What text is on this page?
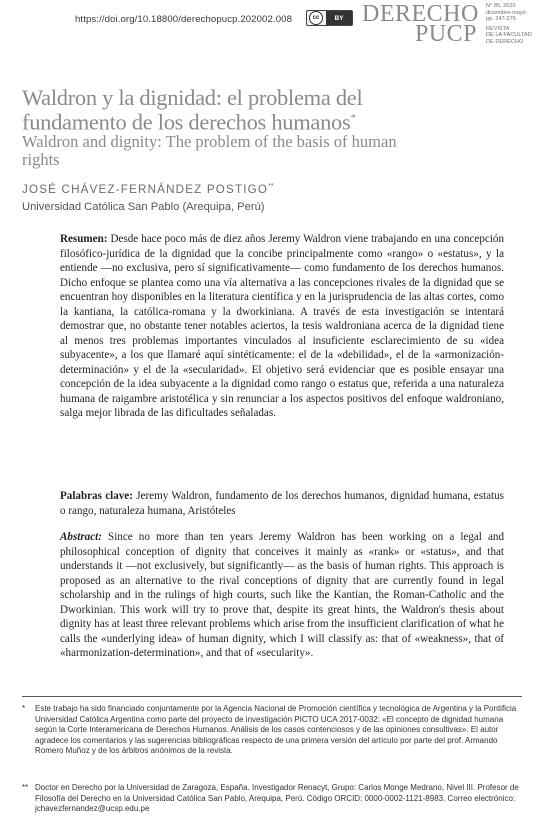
https://doi.org/10.18800/derechopucp.202002.008	cc	BY DERECHO
PUCP
N° 85, 2020
diciembre-mayo
pp. 247-276
REVISTA
DE LA FACULTAD
DE DERECHO
Waldron y la dignidad: el problema del fundamento de los derechos humanos*
Waldron and dignity: The problem of the basis of human rights
JOSÉ CHÁVEZ-FERNÁNDEZ POSTIGO**
Universidad Católica San Pablo (Arequipa, Perú)
Resumen: Desde hace poco más de diez años Jeremy Waldron viene trabajando en una concepción filosófico-jurídica de la dignidad que la concibe principalmente como «rango» o «estatus», y la entiende —no exclusiva, pero sí significativamente— como fundamento de los derechos humanos. Dicho enfoque se plantea como una vía alternativa a las concepciones rivales de la dignidad que se encuentran hoy disponibles en la literatura científica y en la jurisprudencia de las altas cortes, como la kantiana, la católica-romana y la dworkiniana. A través de esta investigación se intentará demostrar que, no obstante tener notables aciertos, la tesis waldroniana acerca de la dignidad tiene al menos tres problemas importantes vinculados al insuficiente esclarecimiento de su «idea subyacente», a los que llamaré aquí sintéticamente: el de la «debilidad», el de la «armonización-determinación» y el de la «secularidad». El objetivo será evidenciar que es posible ensayar una concepción de la idea subyacente a la dignidad como rango o estatus que, referida a una naturaleza humana de raigambre aristotélica y sin renunciar a los aspectos positivos del enfoque waldroniano, salga mejor librada de las dificultades señaladas.
Palabras clave: Jeremy Waldron, fundamento de los derechos humanos, dignidad humana, estatus o rango, naturaleza humana, Aristóteles
Abstract: Since no more than ten years Jeremy Waldron has been working on a legal and philosophical conception of dignity that conceives it mainly as «rank» or «status», and that understands it —not exclusively, but significantly— as the basis of human rights. This approach is proposed as an alternative to the rival conceptions of dignity that are currently found in legal scholarship and in the rulings of high courts, such like the Kantian, the Roman-Catholic and the Dworkinian. This work will try to prove that, despite its great hints, the Waldron's thesis about dignity has at least three relevant problems which arise from the insufficient clarification of what he calls the «underlying idea» of human dignity, which I will classify as: that of «weakness», that of «harmonization-determination», and that of «secularity».
* Este trabajo ha sido financiado conjuntamente por la Agencia Nacional de Promoción científica y tecnológica de Argentina y la Pontificia Universidad Católica Argentina como parte del proyecto de investigación PICTO UCA 2017-0032: «El concepto de dignidad humana según la Corte Interamericana de Derechos Humanos. Análisis de los casos contenciosos y de las opiniones consultivas». El autor agradece los comentarios y las sugerencias bibliográficas respecto de una primera versión del artículo por parte del prof. Armando Romero Muñoz y de los árbitros anónimos de la revista.
** Doctor en Derecho por la Universidad de Zaragoza, España. Investigador Renacyt, Grupo: Carlos Monge Medrano, Nivel III. Profesor de Filosofía del Derecho en la Universidad Católica San Pablo, Arequipa, Perú. Código ORCID: 0000-0002-1121-8983. Correo electrónico: jchavezfernandez@ucsp.edu.pe
